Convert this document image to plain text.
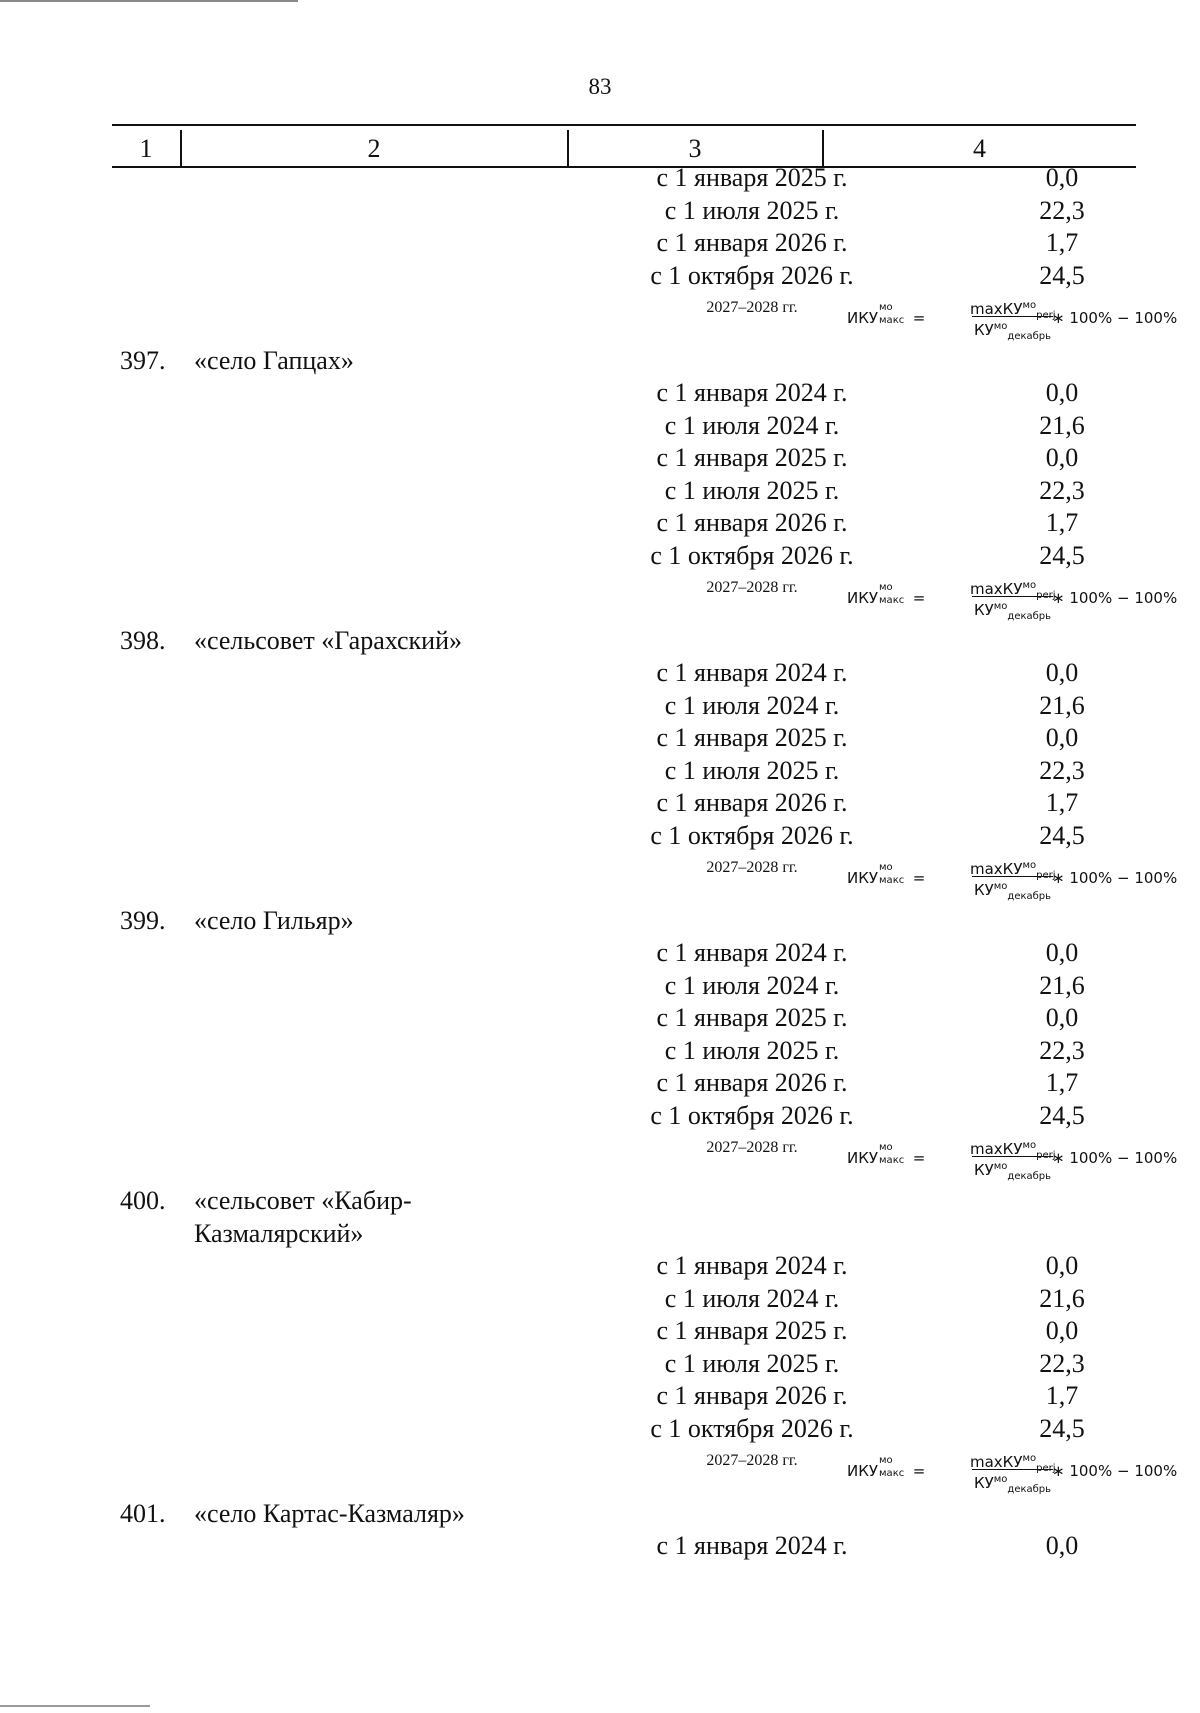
83
1	2	3	4
с 1 января 2025 г.	0,0
с 1 июля 2025 г.	22,3
с 1 января 2026 г.	1,7
с 1 октября 2026 г.	24,5
2027–2028 гг.
ИКУ
мо
макс =	maxКУ$^{мо}_{perj}$
$КУ^{мо}_{декабрь}$
∗ 100% − 100%
397. «село Гапцах»
с 1 января 2024 г.	0,0
с 1 июля 2024 г.	21,6
с 1 января 2025 г.	0,0
с 1 июля 2025 г.	22,3
с 1 января 2026 г.	1,7
с 1 октября 2026 г.	24,5
2027–2028 гг.
ИКУ
мо
макс =	maxКУ$^{мо}_{perj}$
$КУ^{мо}_{декабрь}$
∗ 100% − 100%
398. «сельсовет «Гарахский»
с 1 января 2024 г.	0,0
с 1 июля 2024 г.	21,6
с 1 января 2025 г.	0,0
с 1 июля 2025 г.	22,3
с 1 января 2026 г.	1,7
с 1 октября 2026 г.	24,5
2027–2028 гг.
ИКУ
мо
макс =	maxКУ$^{мо}_{perj}$
$КУ^{мо}_{декабрь}$
∗ 100% − 100%
399. «село Гильяр»
с 1 января 2024 г.	0,0
с 1 июля 2024 г.	21,6
с 1 января 2025 г.	0,0
с 1 июля 2025 г.	22,3
с 1 января 2026 г.	1,7
с 1 октября 2026 г.	24,5
2027–2028 гг.
ИКУ
мо
макс =	maxКУ$^{мо}_{perj}$
$КУ^{мо}_{декабрь}$
∗ 100% − 100%
400. «сельсовет «Кабир-
Казмалярский»
с 1 января 2024 г.	0,0
с 1 июля 2024 г.	21,6
с 1 января 2025 г.	0,0
с 1 июля 2025 г.	22,3
с 1 января 2026 г.	1,7
с 1 октября 2026 г.	24,5
2027–2028 гг.
ИКУ
мо
макс =	maxКУ$^{мо}_{perj}$
$КУ^{мо}_{декабрь}$
∗ 100% − 100%
401. «село Картас-Казмаляр»
с 1 января 2024 г.	0,0
